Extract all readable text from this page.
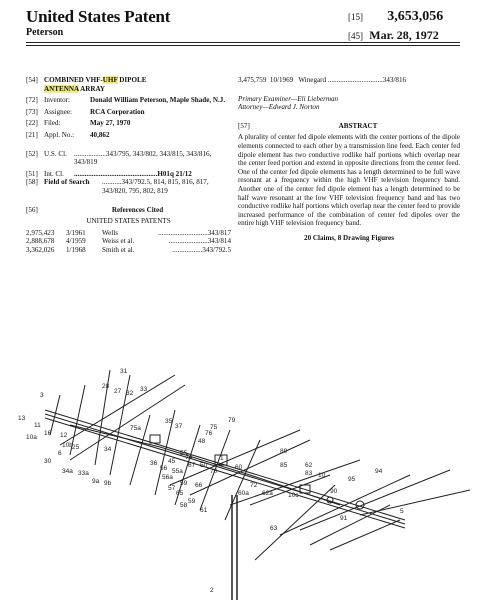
United States Patent
Peterson
[15] 3,653,056
[45] Mar. 28, 1972
[54] COMBINED VHF-UHF DIPOLE
ANTENNA ARRAY
[72] Inventor:	Donald William Peterson, Maple Shade, N.J.
[73] Assignee:	RCA Corporation
[22] Filed:	May 27, 1970
[21] Appl. No.:	40,862
[52] U.S. Cl.	..................343/795, 343/802, 343/815, 343/816, 343/819
[51] Int. Cl.	...............................................H01q 21/12
[58] Field of Search	...........343/792.5, 814, 815, 816, 817, 343/820, 795, 802, 819
[56]	References Cited
UNITED STATES PATENTS
2,975,423	3/1961	Wells	............................343/817
2,888,678	4/1959	Weiss et al.	......................343/814
3,362,026	1/1968	Smith et al.	.................343/792.5
3,475,759  10/1969   Winegard ...............................343/816
Primary Examiner—Eli Lieberman
Attorney—Edward J. Norton
[57]	ABSTRACT
A plurality of center fed dipole elements with the center portions of the dipole elements connected to each other by a transmission line feed. Each center fed dipole element has two conductive rodlike half portions which overlap near the center feed portion and extend in opposite directions from the center feed. One of the center fed dipole elements has a length determined to be full wave resonant at a frequency within the high VHF television frequency band. Another one of the center fed dipole element has a length determined to be half wave resonant at the low VHF television frequency band and has two conductive rodlike half portions which overlap near the center feed to provide increased performance of the combination of center fed dipoles over the entire high VHF television frequency band.
20 Claims, 8 Drawing Figures
3
28
31
27 32
33
13
11
16 12
75a	37
35
10a
10b 25
6
48
76
79
75
30
34
55
36 45
50
74
70
34a 33a
56
59
57
65
66
62
89
60
1
72
2
9a 9b
56a
67
63
55a
60a 62a 10c
90
95
94
91
5
61
59
58
85
83 10
